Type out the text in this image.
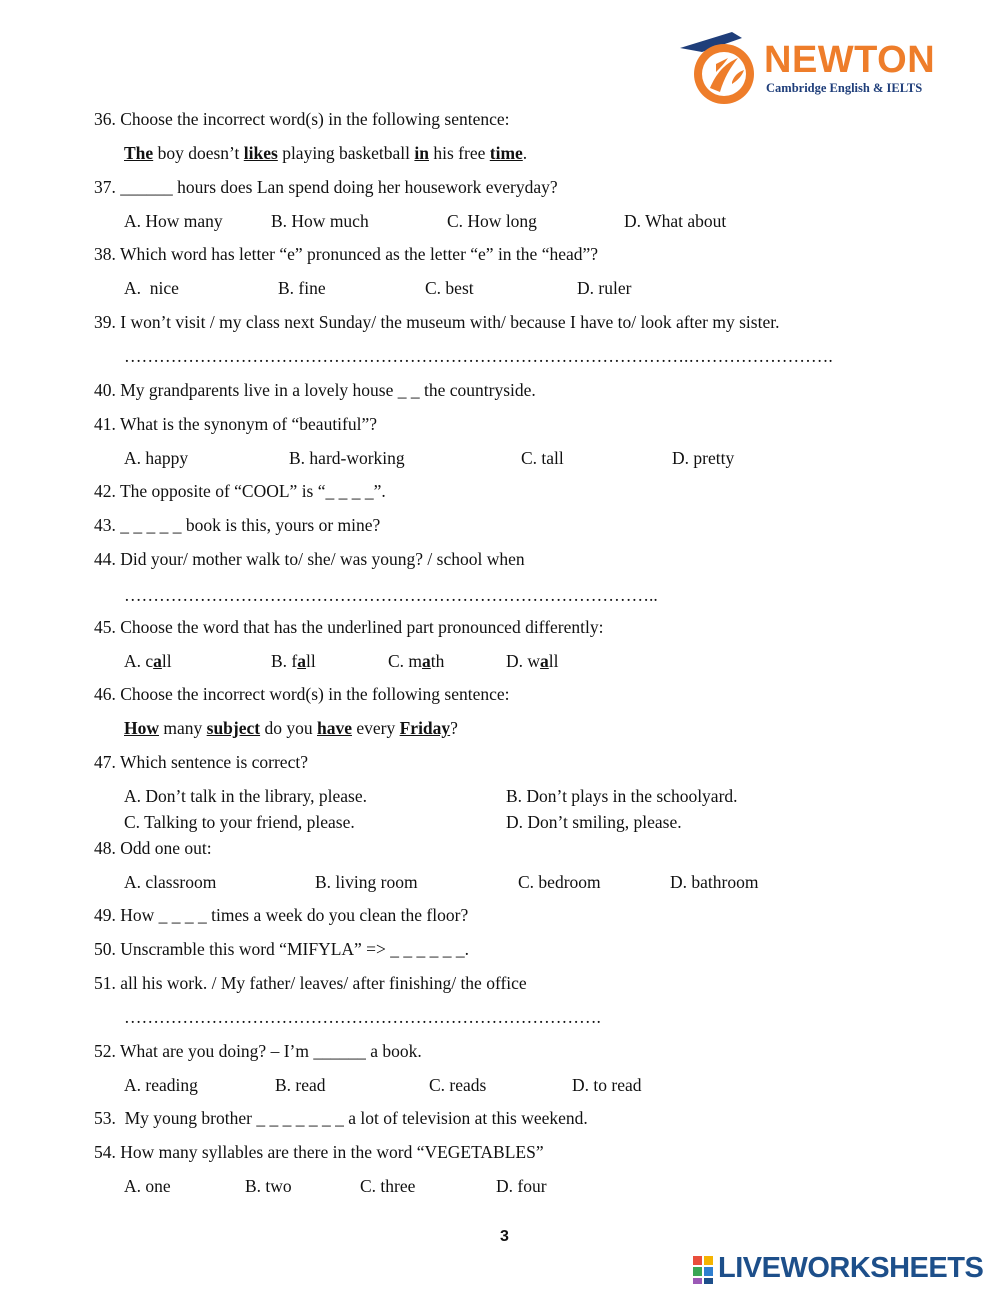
NEWTON
Cambridge English & IELTS
36. Choose the incorrect word(s) in the following sentence:
The boy doesn’t likes playing basketball in his free time.
37. ______ hours does Lan spend doing her housework everyday?
A. How many	B. How much	C. How long	D. What about
38. Which word has letter “e” pronunced as the letter “e” in the “head”?
A.  nice	B. fine	C. best	D. ruler
39. I won’t visit / my class next Sunday/ the museum with/ because I have to/ look after my sister.
…………………………………………………………………………………….…………………….
40. My grandparents live in a lovely house _ _ the countryside.
41. What is the synonym of “beautiful”?
A. happy	B. hard-working	C. tall	D. pretty
42. The opposite of “COOL” is “_ _ _ _”.
43. _ _ _ _ _ book is this, yours or mine?
44. Did your/ mother walk to/ she/ was young? / school when
………………………………………………………………………………..
45. Choose the word that has the underlined part pronounced differently:
A. call	B. fall	C. math	D. wall
46. Choose the incorrect word(s) in the following sentence:
How many subject do you have every Friday?
47. Which sentence is correct?
A. Don’t talk in the library, please.	B. Don’t plays in the schoolyard.
C. Talking to your friend, please.	D. Don’t smiling, please.
48. Odd one out:
A. classroom	B. living room	C. bedroom	D. bathroom
49. How _ _ _ _ times a week do you clean the floor?
50. Unscramble this word “MIFYLA” => _ _ _ _ _ _.
51. all his work. / My father/ leaves/ after finishing/ the office
……………………………………………………………………….
52. What are you doing? – I’m ______ a book.
A. reading	B. read	C. reads	D. to read
53.  My young brother _ _ _ _ _ _ _ a lot of television at this weekend.
54. How many syllables are there in the word “VEGETABLES”
A. one	B. two	C. three	D. four
3
LIVEWORKSHEETS
